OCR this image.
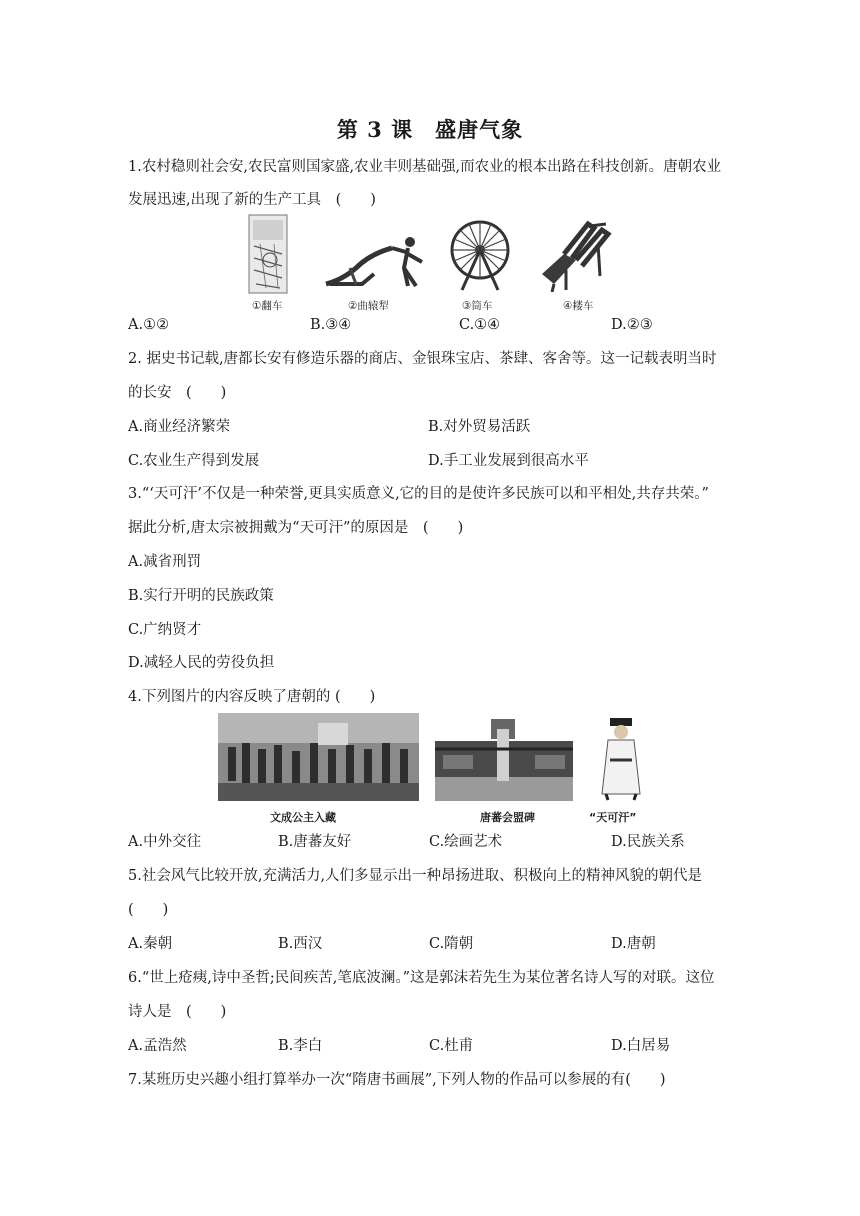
第 3 课　盛唐气象
1.农村稳则社会安,农民富则国家盛,农业丰则基础强,而农业的根本出路在科技创新。唐朝农业
发展迅速,出现了新的生产工具　(　　)
①翻车	②曲辕犁	③筒车	④耧车
A.①②	B.③④	C.①④	D.②③
2. 据史书记载,唐都长安有修造乐器的商店、金银珠宝店、茶肆、客舍等。这一记载表明当时
的长安　(　　)
A.商业经济繁荣	B.对外贸易活跃
C.农业生产得到发展	D.手工业发展到很高水平
3.“‘天可汗’不仅是一种荣誉,更具实质意义,它的目的是使许多民族可以和平相处,共存共荣。”
据此分析,唐太宗被拥戴为“天可汗”的原因是　(　　)
A.减省刑罚
B.实行开明的民族政策
C.广纳贤才
D.减轻人民的劳役负担
4.下列图片的内容反映了唐朝的 (　　)
文成公主入藏	唐蕃会盟碑	“天可汗”
A.中外交往	B.唐蕃友好	C.绘画艺术	D.民族关系
5.社会风气比较开放,充满活力,人们多显示出一种昂扬进取、积极向上的精神风貌的朝代是
(　　)
A.秦朝	B.西汉	C.隋朝	D.唐朝
6.“世上疮痍,诗中圣哲;民间疾苦,笔底波澜。”这是郭沫若先生为某位著名诗人写的对联。这位
诗人是　(　　)
A.孟浩然	B.李白	C.杜甫	D.白居易
7.某班历史兴趣小组打算举办一次“隋唐书画展”,下列人物的作品可以参展的有(　　)
